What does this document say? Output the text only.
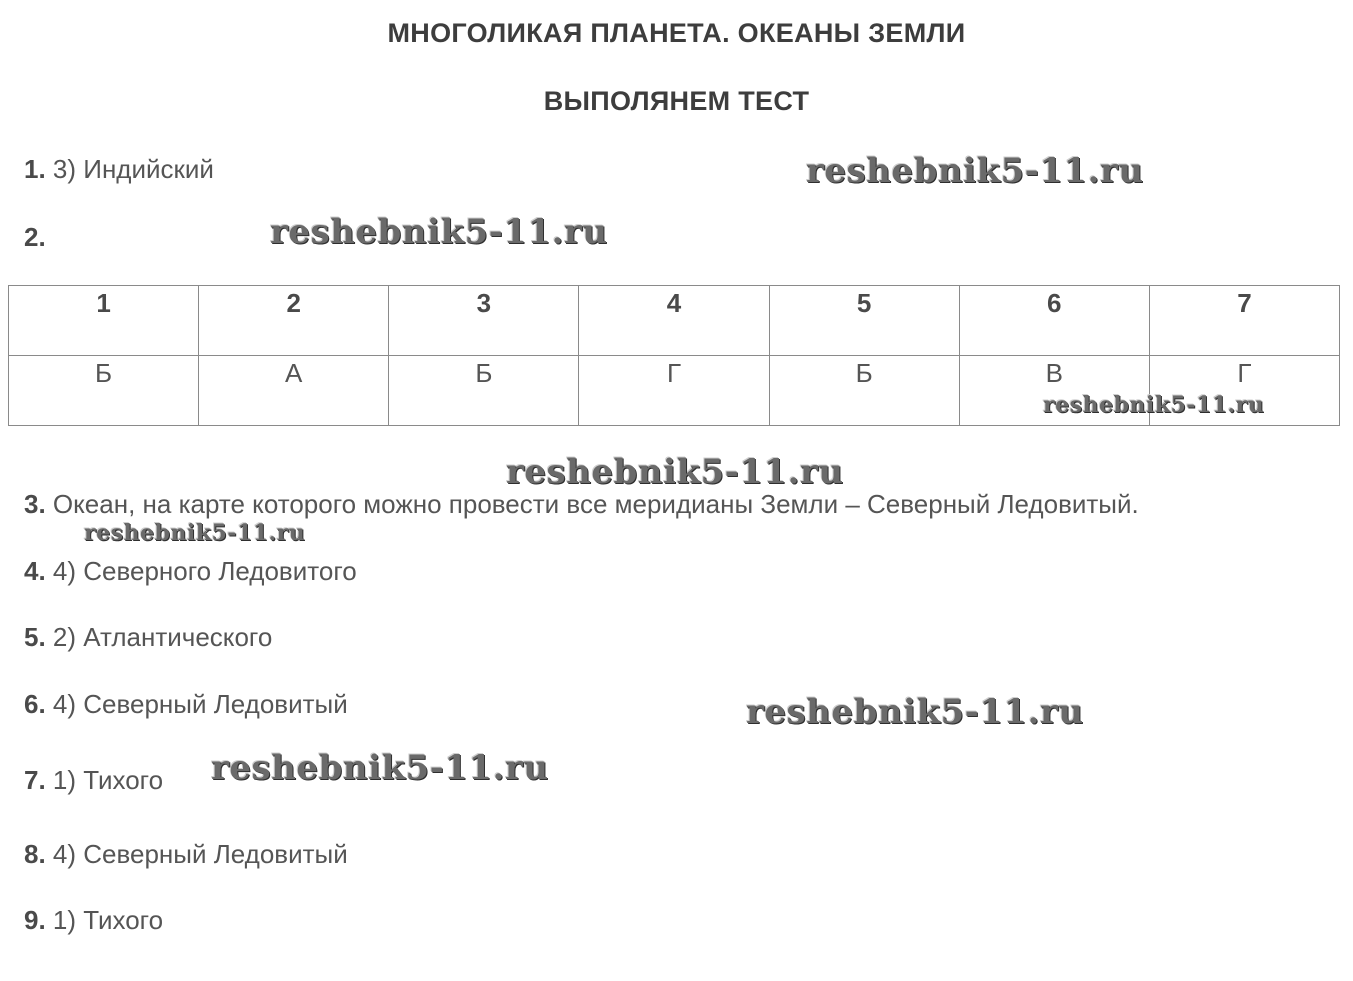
МНОГОЛИКАЯ ПЛАНЕТА. ОКЕАНЫ ЗЕМЛИ
ВЫПОЛЯНЕМ ТЕСТ
1. 3) Индийский
2.
1	2	3	4	5	6	7
Б	А	Б	Г	Б	В	Г
3. Океан, на карте которого можно провести все меридианы Земли – Северный Ледовитый.
4. 4) Северного Ледовитого
5. 2) Атлантического
6. 4) Северный Ледовитый
7. 1) Тихого
8. 4) Северный Ледовитый
9. 1) Тихого
reshebnik5-11.ru
reshebnik5-11.ru
reshebnik5-11.ru
reshebnik5-11.ru
reshebnik5-11.ru
reshebnik5-11.ru
reshebnik5-11.ru
